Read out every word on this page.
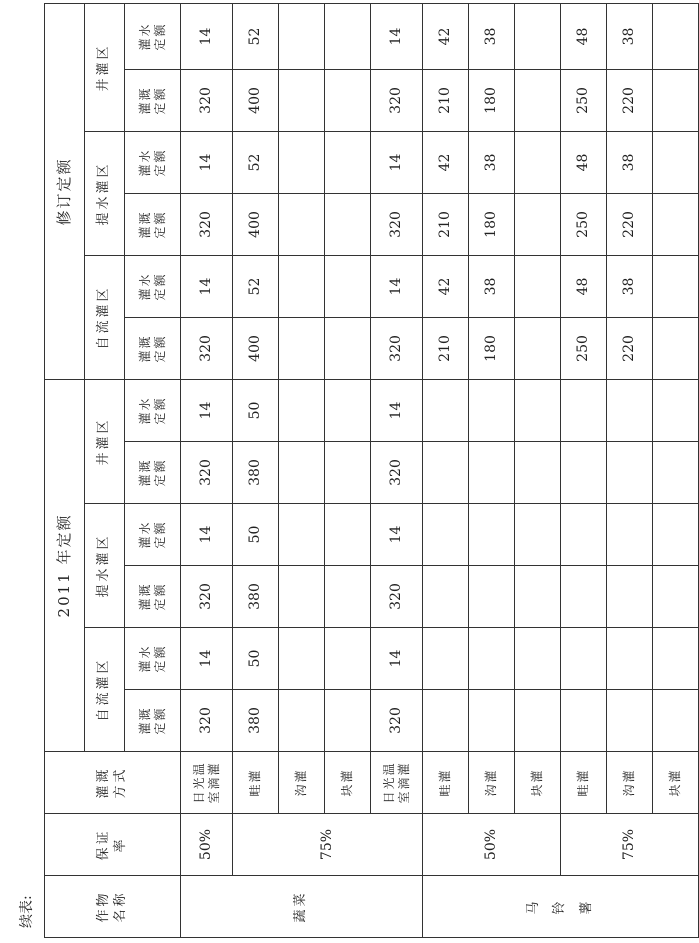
续表:	作物 名称	保证 率	灌溉 方式	2011 年定额						修订定额					
			自流灌区		提水灌区		井灌区		自流灌区		提水灌区		井灌区	

			灌溉 定额	灌水 定额	灌溉 定额	灌水 定额	灌溉 定额	灌水 定额	灌溉 定额	灌水 定额	灌溉 定额	灌水 定额	灌溉 定额	灌水 定额

蔬菜	50%	日光温 室滴灌	320	14	320	14	320	14	320	14	320	14	320	14
	75%	畦灌	380	50	380	50	380	50	400	52	400	52	400	52

		沟灌												

		块灌												

		日光温 室滴灌	320	14	320	14	320	14	320	14	320	14	320	14

马 铃 薯	50%	畦灌							210	42	210	42	210	42

		沟灌							180	38	180	38	180	38

		块灌												

	75%	畦灌							250	48	250	48	250	48

		沟灌							220	38	220	38	220	38

		块灌												
